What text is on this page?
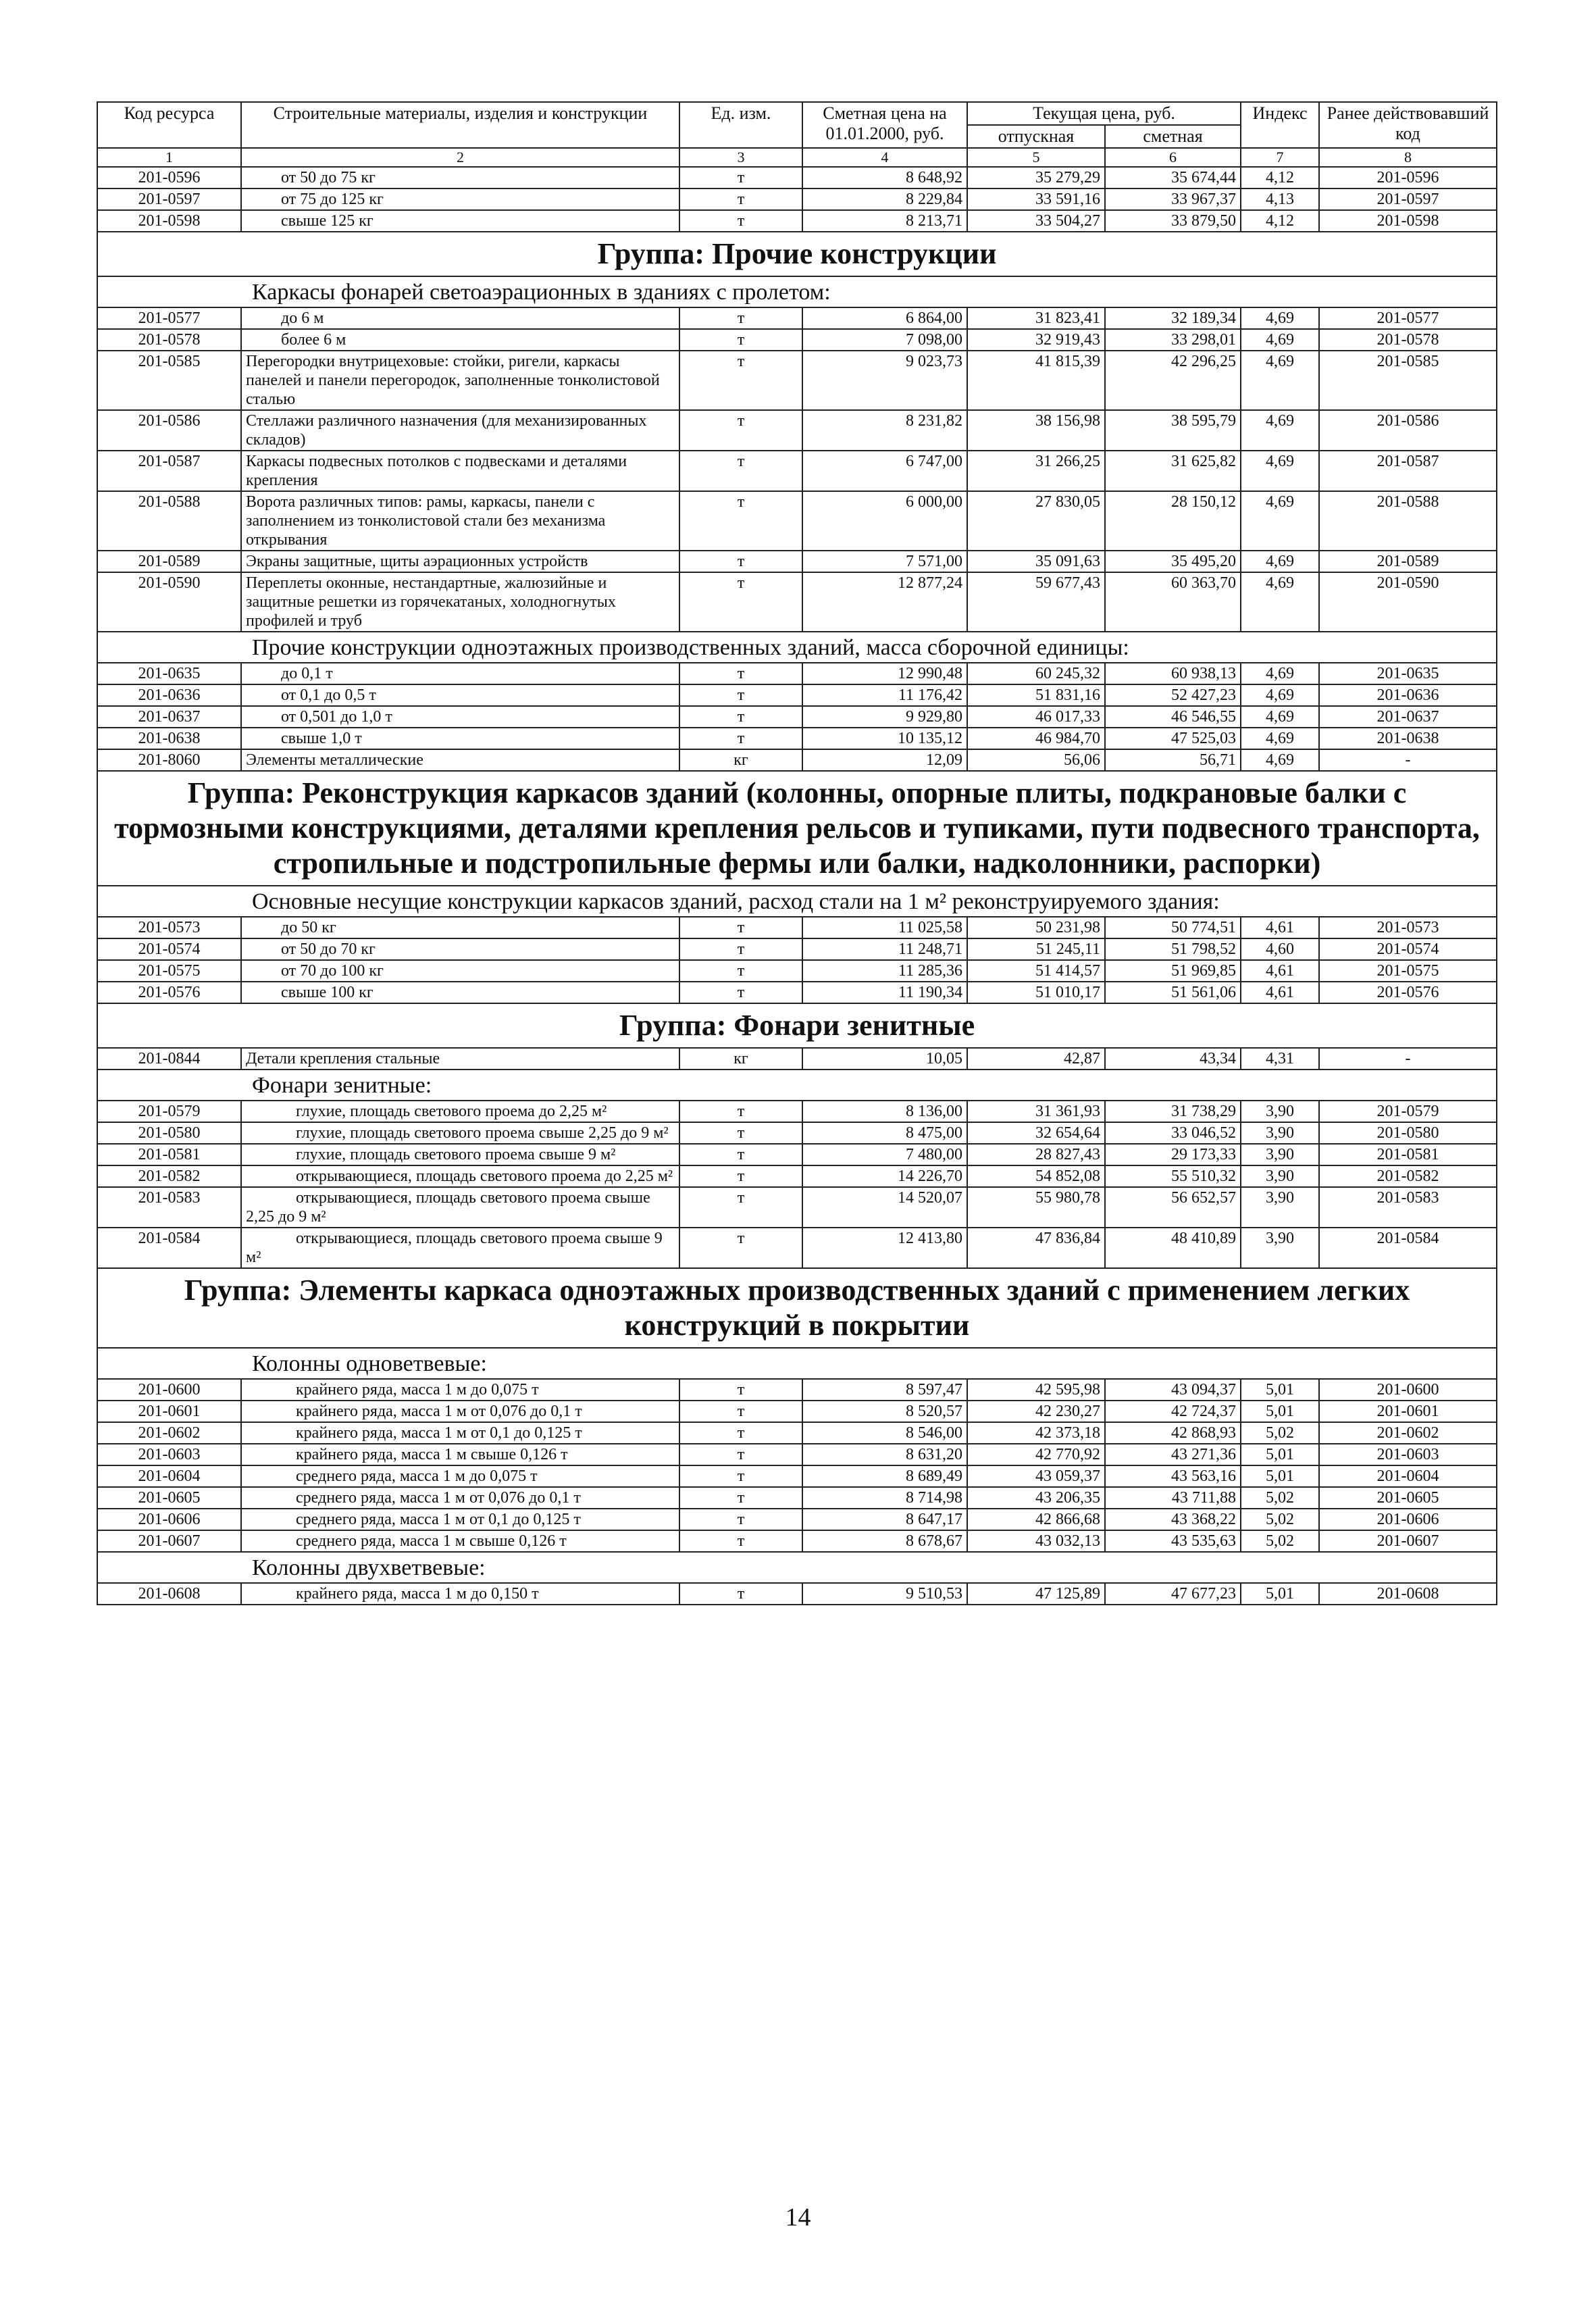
Код ресурса	Строительные материалы, изделия и конструкции	Ед. изм.	Сметная цена на 01.01.2000, руб.	Текущая цена, руб.		Индекс	Ранее действовавший код
				отпускная	сметная		
1	2	3	4	5	6	7	8
201-0596	от 50 до 75 кг	т	8 648,92	35 279,29	35 674,44	4,12	201-0596
201-0597	от 75 до 125 кг	т	8 229,84	33 591,16	33 967,37	4,13	201-0597
201-0598	свыше 125 кг	т	8 213,71	33 504,27	33 879,50	4,12	201-0598
Группа: Прочие конструкции							
Каркасы фонарей светоаэрационных в зданиях с пролетом:							
201-0577	до 6 м	т	6 864,00	31 823,41	32 189,34	4,69	201-0577
201-0578	более 6 м	т	7 098,00	32 919,43	33 298,01	4,69	201-0578
201-0585	Перегородки внутрицеховые: стойки, ригели, каркасы панелей и панели перегородок, заполненные тонколистовой сталью	т	9 023,73	41 815,39	42 296,25	4,69	201-0585
201-0586	Стеллажи различного назначения (для механизированных складов)	т	8 231,82	38 156,98	38 595,79	4,69	201-0586
201-0587	Каркасы подвесных потолков с подвесками и деталями крепления	т	6 747,00	31 266,25	31 625,82	4,69	201-0587
201-0588	Ворота различных типов: рамы, каркасы, панели с заполнением из тонколистовой стали без механизма открывания	т	6 000,00	27 830,05	28 150,12	4,69	201-0588
201-0589	Экраны защитные, щиты аэрационных устройств	т	7 571,00	35 091,63	35 495,20	4,69	201-0589
201-0590	Переплеты оконные, нестандартные, жалюзийные и защитные решетки из горячекатаных, холодногнутых профилей и труб	т	12 877,24	59 677,43	60 363,70	4,69	201-0590
Прочие конструкции одноэтажных производственных зданий, масса сборочной единицы:							
201-0635	до 0,1 т	т	12 990,48	60 245,32	60 938,13	4,69	201-0635
201-0636	от 0,1 до 0,5 т	т	11 176,42	51 831,16	52 427,23	4,69	201-0636
201-0637	от 0,501 до 1,0 т	т	9 929,80	46 017,33	46 546,55	4,69	201-0637
201-0638	свыше 1,0 т	т	10 135,12	46 984,70	47 525,03	4,69	201-0638
201-8060	Элементы металлические	кг	12,09	56,06	56,71	4,69	-
Группа: Реконструкция каркасов зданий (колонны, опорные плиты, подкрановые балки с тормозными конструкциями, деталями крепления рельсов и тупиками, пути подвесного транспорта, стропильные и подстропильные фермы или балки, надколонники, распорки)							
Основные несущие конструкции каркасов зданий, расход стали на 1 м² реконструируемого здания:							
201-0573	до 50 кг	т	11 025,58	50 231,98	50 774,51	4,61	201-0573
201-0574	от 50 до 70 кг	т	11 248,71	51 245,11	51 798,52	4,60	201-0574
201-0575	от 70 до 100 кг	т	11 285,36	51 414,57	51 969,85	4,61	201-0575
201-0576	свыше 100 кг	т	11 190,34	51 010,17	51 561,06	4,61	201-0576
Группа: Фонари зенитные							
201-0844	Детали крепления стальные	кг	10,05	42,87	43,34	4,31	-
Фонари зенитные:							
201-0579	глухие, площадь светового проема до 2,25 м²	т	8 136,00	31 361,93	31 738,29	3,90	201-0579
201-0580	глухие, площадь светового проема свыше 2,25 до 9 м²	т	8 475,00	32 654,64	33 046,52	3,90	201-0580
201-0581	глухие, площадь светового проема свыше 9 м²	т	7 480,00	28 827,43	29 173,33	3,90	201-0581
201-0582	открывающиеся, площадь светового проема до 2,25 м²	т	14 226,70	54 852,08	55 510,32	3,90	201-0582
201-0583	открывающиеся, площадь светового проема свыше 2,25 до 9 м²	т	14 520,07	55 980,78	56 652,57	3,90	201-0583
201-0584	открывающиеся, площадь светового проема свыше 9 м²	т	12 413,80	47 836,84	48 410,89	3,90	201-0584
Группа: Элементы каркаса одноэтажных производственных зданий с применением легких конструкций в покрытии							
Колонны одноветвевые:							
201-0600	крайнего ряда, масса 1 м до 0,075 т	т	8 597,47	42 595,98	43 094,37	5,01	201-0600
201-0601	крайнего ряда, масса 1 м от 0,076 до 0,1 т	т	8 520,57	42 230,27	42 724,37	5,01	201-0601
201-0602	крайнего ряда, масса 1 м от 0,1 до 0,125 т	т	8 546,00	42 373,18	42 868,93	5,02	201-0602
201-0603	крайнего ряда, масса 1 м свыше 0,126 т	т	8 631,20	42 770,92	43 271,36	5,01	201-0603
201-0604	среднего ряда, масса 1 м до 0,075 т	т	8 689,49	43 059,37	43 563,16	5,01	201-0604
201-0605	среднего ряда, масса 1 м от 0,076 до 0,1 т	т	8 714,98	43 206,35	43 711,88	5,02	201-0605
201-0606	среднего ряда, масса 1 м от 0,1 до 0,125 т	т	8 647,17	42 866,68	43 368,22	5,02	201-0606
201-0607	среднего ряда, масса 1 м свыше 0,126 т	т	8 678,67	43 032,13	43 535,63	5,02	201-0607
Колонны двухветвевые:							
201-0608	крайнего ряда, масса 1 м до 0,150 т	т	9 510,53	47 125,89	47 677,23	5,01	201-0608
14
